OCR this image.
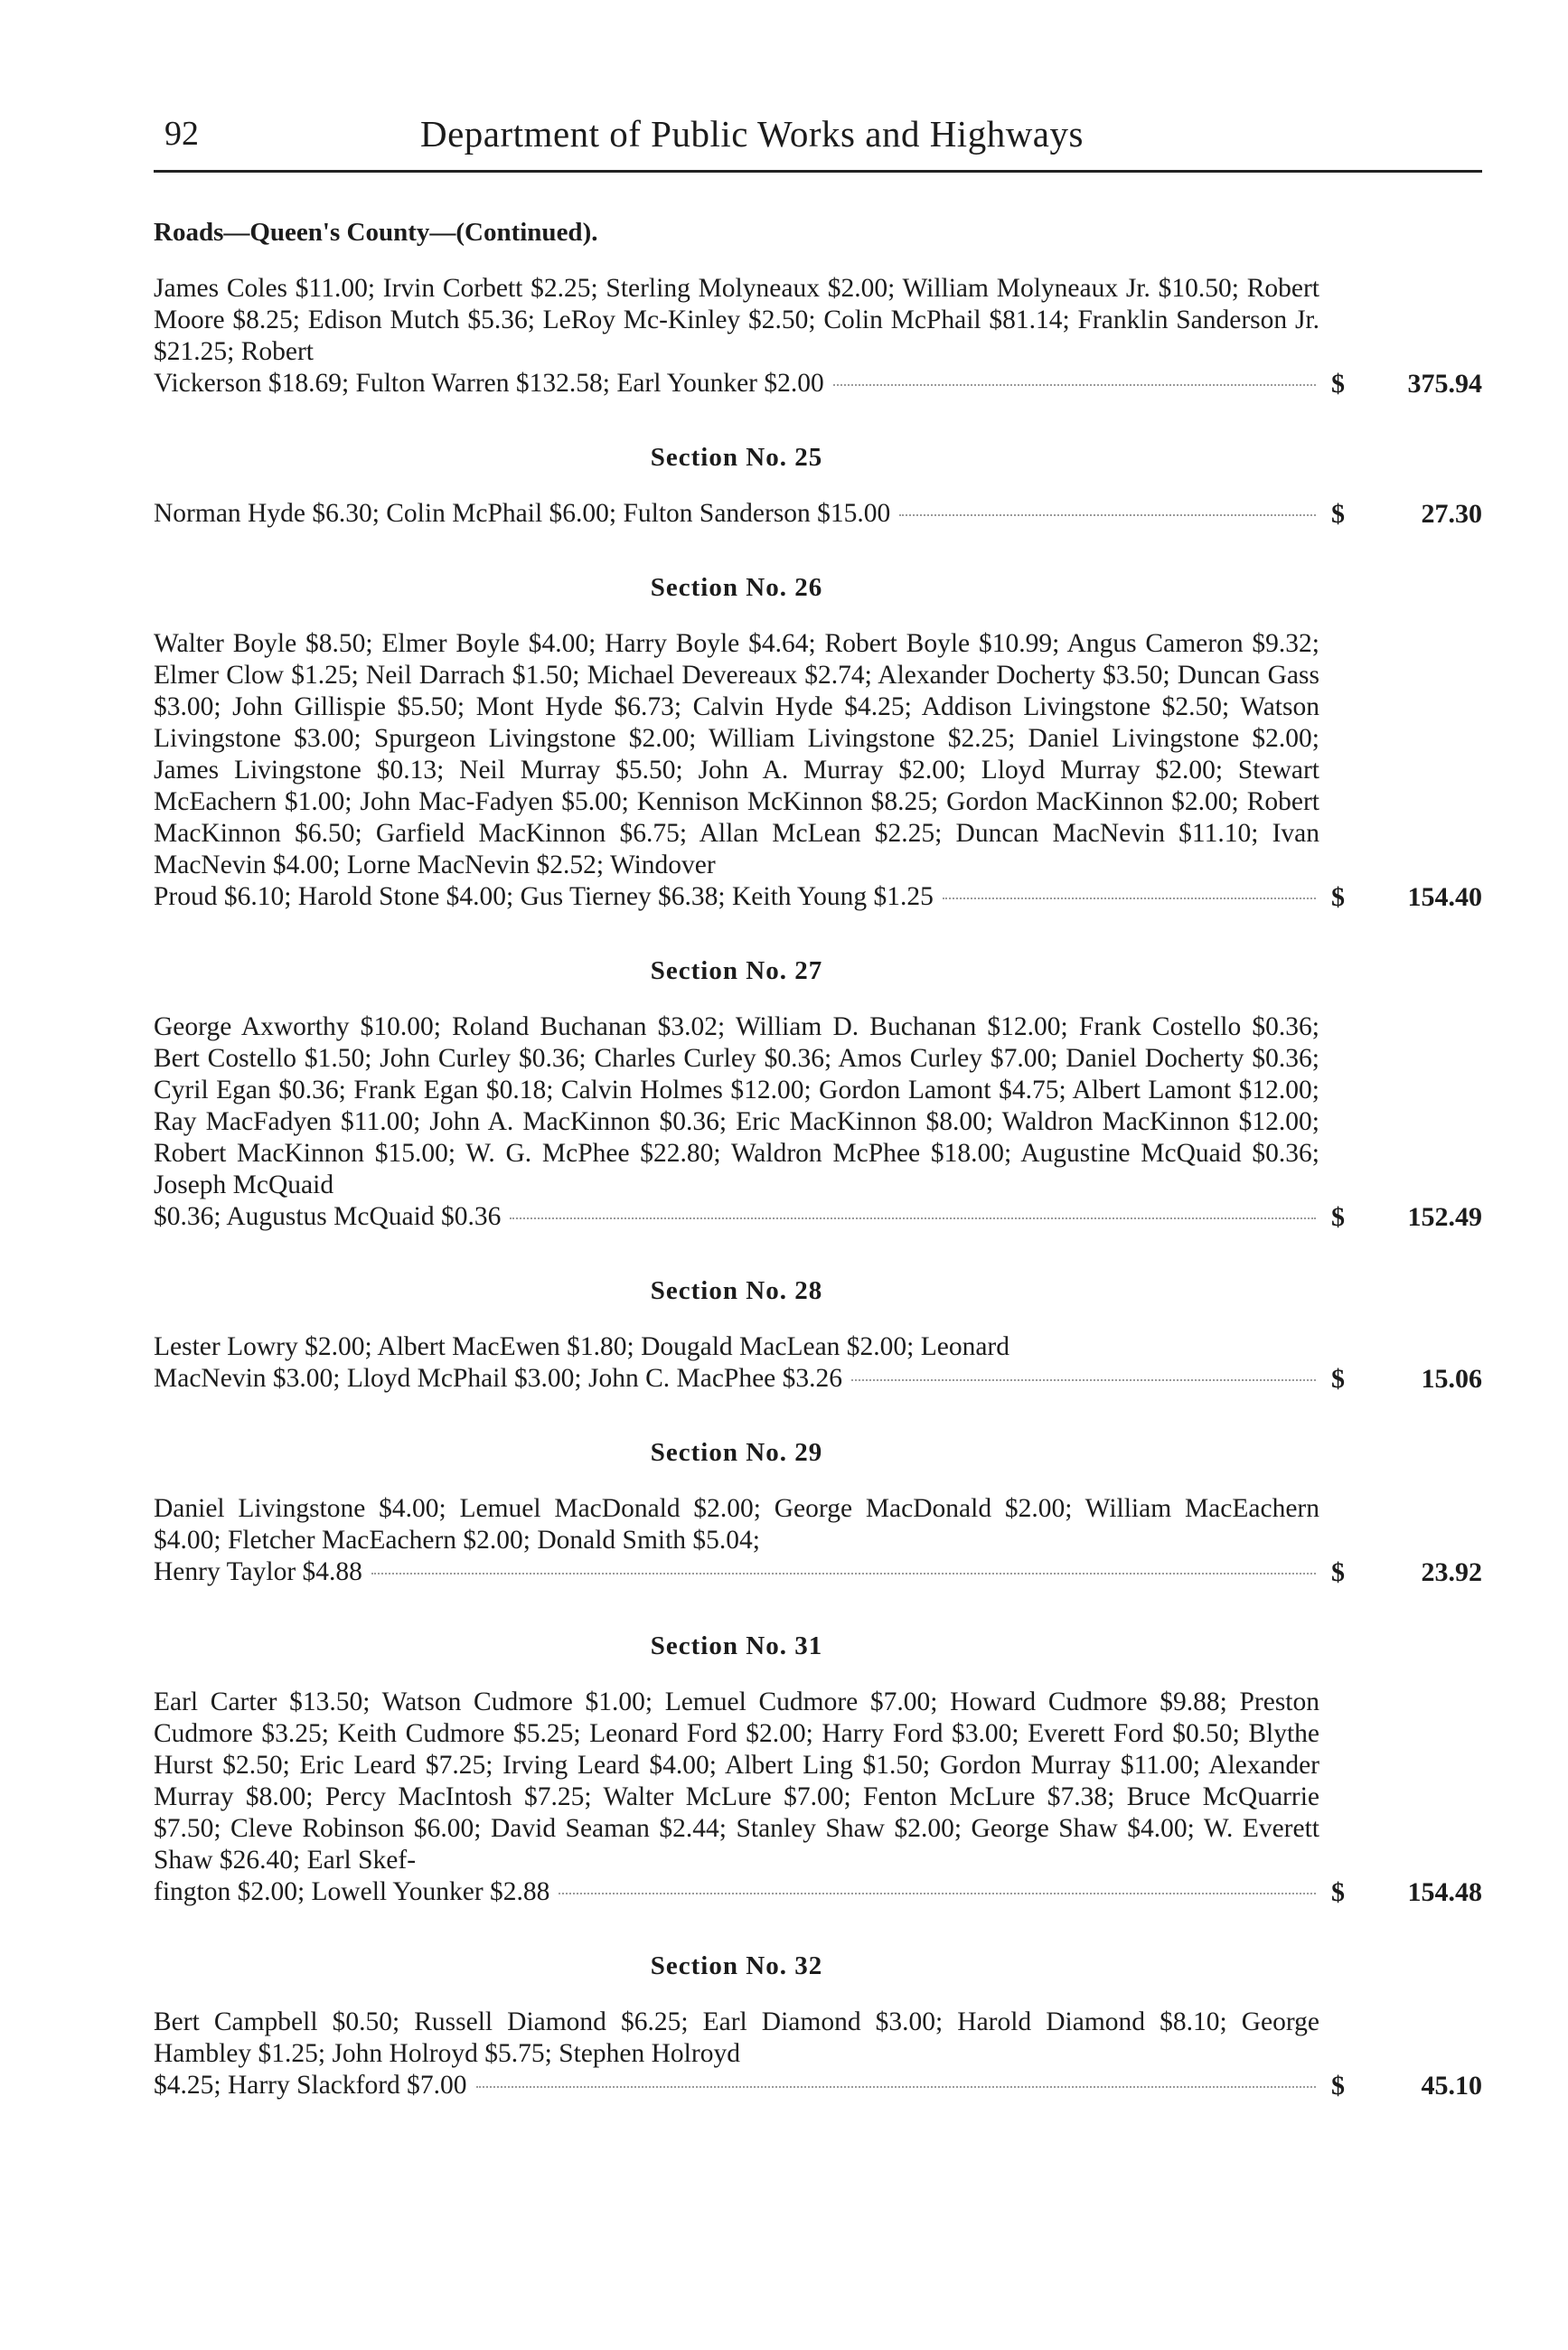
92	Department of Public Works and Highways
Roads—Queen's County—(Continued).
James Coles $11.00; Irvin Corbett $2.25; Sterling Molyneaux $2.00; William Molyneaux Jr. $10.50; Robert Moore $8.25; Edison Mutch $5.36; LeRoy Mc-Kinley $2.50; Colin McPhail $81.14; Franklin Sanderson Jr. $21.25; Robert
Vickerson $18.69; Fulton Warren $132.58; Earl Younker $2.00	$ 375.94
Section No. 25
Norman Hyde $6.30; Colin McPhail $6.00; Fulton Sanderson $15.00	$	27.30
Section No. 26
Walter Boyle $8.50; Elmer Boyle $4.00; Harry Boyle $4.64; Robert Boyle $10.99; Angus Cameron $9.32; Elmer Clow $1.25; Neil Darrach $1.50; Michael Devereaux $2.74; Alexander Docherty $3.50; Duncan Gass $3.00; John Gillispie $5.50; Mont Hyde $6.73; Calvin Hyde $4.25; Addison Livingstone $2.50; Watson Livingstone $3.00; Spurgeon Livingstone $2.00; William Livingstone $2.25; Daniel Livingstone $2.00; James Livingstone $0.13; Neil Murray $5.50; John A. Murray $2.00; Lloyd Murray $2.00; Stewart McEachern $1.00; John Mac-Fadyen $5.00; Kennison McKinnon $8.25; Gordon MacKinnon $2.00; Robert MacKinnon $6.50; Garfield MacKinnon $6.75; Allan McLean $2.25; Duncan MacNevin $11.10; Ivan MacNevin $4.00; Lorne MacNevin $2.52; Windover
Proud $6.10; Harold Stone $4.00; Gus Tierney $6.38; Keith Young $1.25	$ 154.40
Section No. 27
George Axworthy $10.00; Roland Buchanan $3.02; William D. Buchanan $12.00; Frank Costello $0.36; Bert Costello $1.50; John Curley $0.36; Charles Curley $0.36; Amos Curley $7.00; Daniel Docherty $0.36; Cyril Egan $0.36; Frank Egan $0.18; Calvin Holmes $12.00; Gordon Lamont $4.75; Albert Lamont $12.00; Ray MacFadyen $11.00; John A. MacKinnon $0.36; Eric MacKinnon $8.00; Waldron MacKinnon $12.00; Robert MacKinnon $15.00; W. G. McPhee $22.80; Waldron McPhee $18.00; Augustine McQuaid $0.36; Joseph McQuaid
$0.36; Augustus McQuaid $0.36	$ 152.49
Section No. 28
Lester Lowry $2.00; Albert MacEwen $1.80; Dougald MacLean $2.00; Leonard
MacNevin $3.00; Lloyd McPhail $3.00; John C. MacPhee $3.26	$	15.06
Section No. 29
Daniel Livingstone $4.00; Lemuel MacDonald $2.00; George MacDonald $2.00; William MacEachern $4.00; Fletcher MacEachern $2.00; Donald Smith $5.04;
Henry Taylor $4.88	$	23.92
Section No. 31
Earl Carter $13.50; Watson Cudmore $1.00; Lemuel Cudmore $7.00; Howard Cudmore $9.88; Preston Cudmore $3.25; Keith Cudmore $5.25; Leonard Ford $2.00; Harry Ford $3.00; Everett Ford $0.50; Blythe Hurst $2.50; Eric Leard $7.25; Irving Leard $4.00; Albert Ling $1.50; Gordon Murray $11.00; Alexander Murray $8.00; Percy MacIntosh $7.25; Walter McLure $7.00; Fenton McLure $7.38; Bruce McQuarrie $7.50; Cleve Robinson $6.00; David Seaman $2.44; Stanley Shaw $2.00; George Shaw $4.00; W. Everett Shaw $26.40; Earl Skef-
fington $2.00; Lowell Younker $2.88	$ 154.48
Section No. 32
Bert Campbell $0.50; Russell Diamond $6.25; Earl Diamond $3.00; Harold Diamond $8.10; George Hambley $1.25; John Holroyd $5.75; Stephen Holroyd
$4.25; Harry Slackford $7.00	$	45.10
